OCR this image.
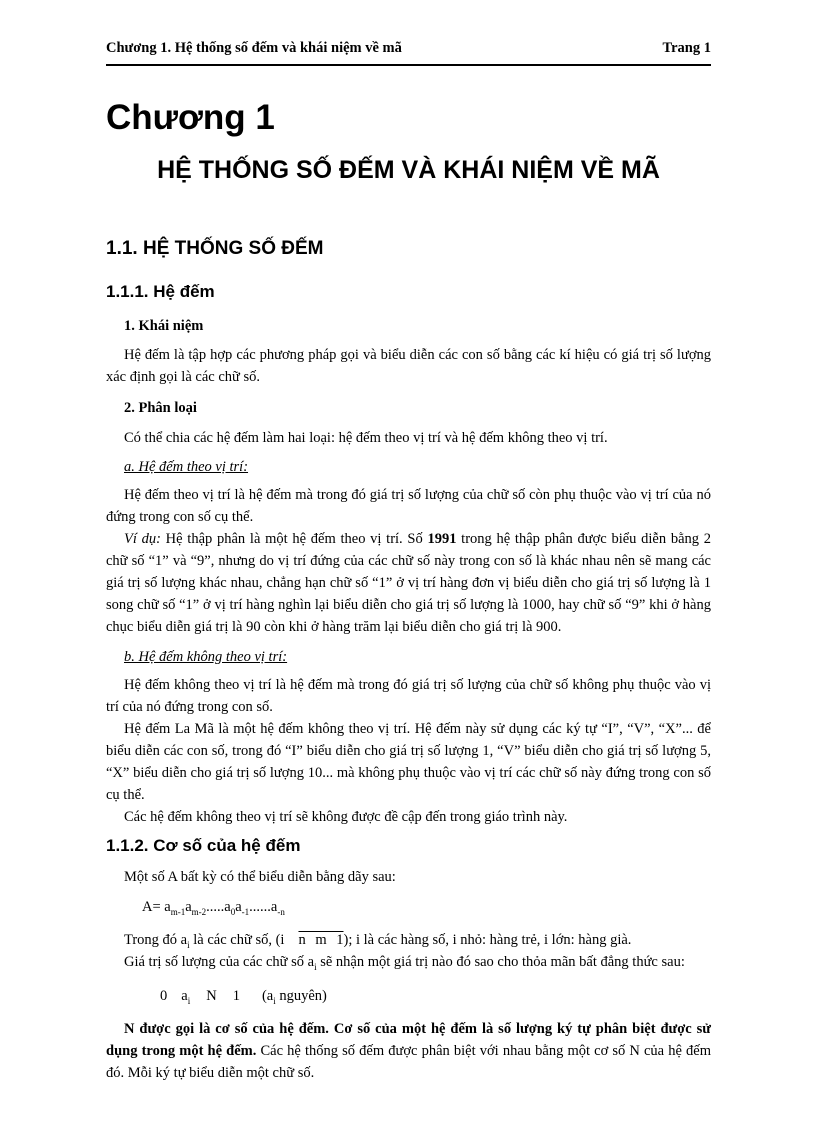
Chương 1. Hệ thống số đếm và khái niệm về mã	Trang 1
Chương 1
HỆ THỐNG SỐ ĐẾM VÀ KHÁI NIỆM VỀ MÃ
1.1. HỆ THỐNG SỐ ĐẾM
1.1.1. Hệ đếm
1. Khái niệm

Hệ đếm là tập hợp các phương pháp gọi và biểu diễn các con số bằng các kí hiệu có giá trị số lượng xác định gọi là các chữ số.

2. Phân loại

Có thể chia các hệ đếm làm hai loại: hệ đếm theo vị trí và hệ đếm không theo vị trí.

a. Hệ đếm theo vị trí:

Hệ đếm theo vị trí là hệ đếm mà trong đó giá trị số lượng của chữ số còn phụ thuộc vào vị trí của nó đứng trong con số cụ thể.

Ví dụ: Hệ thập phân là một hệ đếm theo vị trí. Số 1991 trong hệ thập phân được biểu diễn bằng 2 chữ số “1” và “9”, nhưng do vị trí đứng của các chữ số này trong con số là khác nhau nên sẽ mang các giá trị số lượng khác nhau, chẳng hạn chữ số “1” ở vị trí hàng đơn vị biểu diễn cho giá trị số lượng là 1 song chữ số “1” ở vị trí hàng nghìn lại biểu diễn cho giá trị số lượng là 1000, hay chữ số “9” khi ở hàng chục biểu diễn giá trị là 90 còn khi ở hàng trăm lại biểu diễn cho giá trị là 900.

b. Hệ đếm không theo vị trí:

Hệ đếm không theo vị trí là hệ đếm mà trong đó giá trị số lượng của chữ số không phụ thuộc vào vị trí của nó đứng trong con số.

Hệ đếm La Mã là một hệ đếm không theo vị trí. Hệ đếm này sử dụng các ký tự “I”, “V”, “X”... để biểu diễn các con số, trong đó “I” biểu diễn cho giá trị số lượng 1, “V” biểu diễn cho giá trị số lượng 5, “X” biểu diễn cho giá trị số lượng 10... mà không phụ thuộc vào vị trí các chữ số này đứng trong con số cụ thể.

Các hệ đếm không theo vị trí sẽ không được đề cập đến trong giáo trình này.

1.1.2. Cơ số của hệ đếm

Một số A bất kỳ có thể biểu diễn bằng dãy sau:

$A= a_{m-1}a_{m-2}.....a_0a_{-1}......a_{-n}$
Trong đó $a_i$ là các chữ số, (i n m 1); i là các hàng số, i nhỏ: hàng trẻ, i lớn: hàng già.
Giá trị số lượng của các chữ số $a_i$ sẽ nhận một giá trị nào đó sao cho thỏa mãn bất đẳng thức sau:
0 $a_i$ N 1 ($a_i$ nguyên)

N được gọi là cơ số của hệ đếm. Cơ số của một hệ đếm là số lượng ký tự phân biệt được sử dụng trong một hệ đếm. Các hệ thống số đếm được phân biệt với nhau bằng một cơ số N của hệ đếm đó. Mỗi ký tự biểu diễn một chữ số.
